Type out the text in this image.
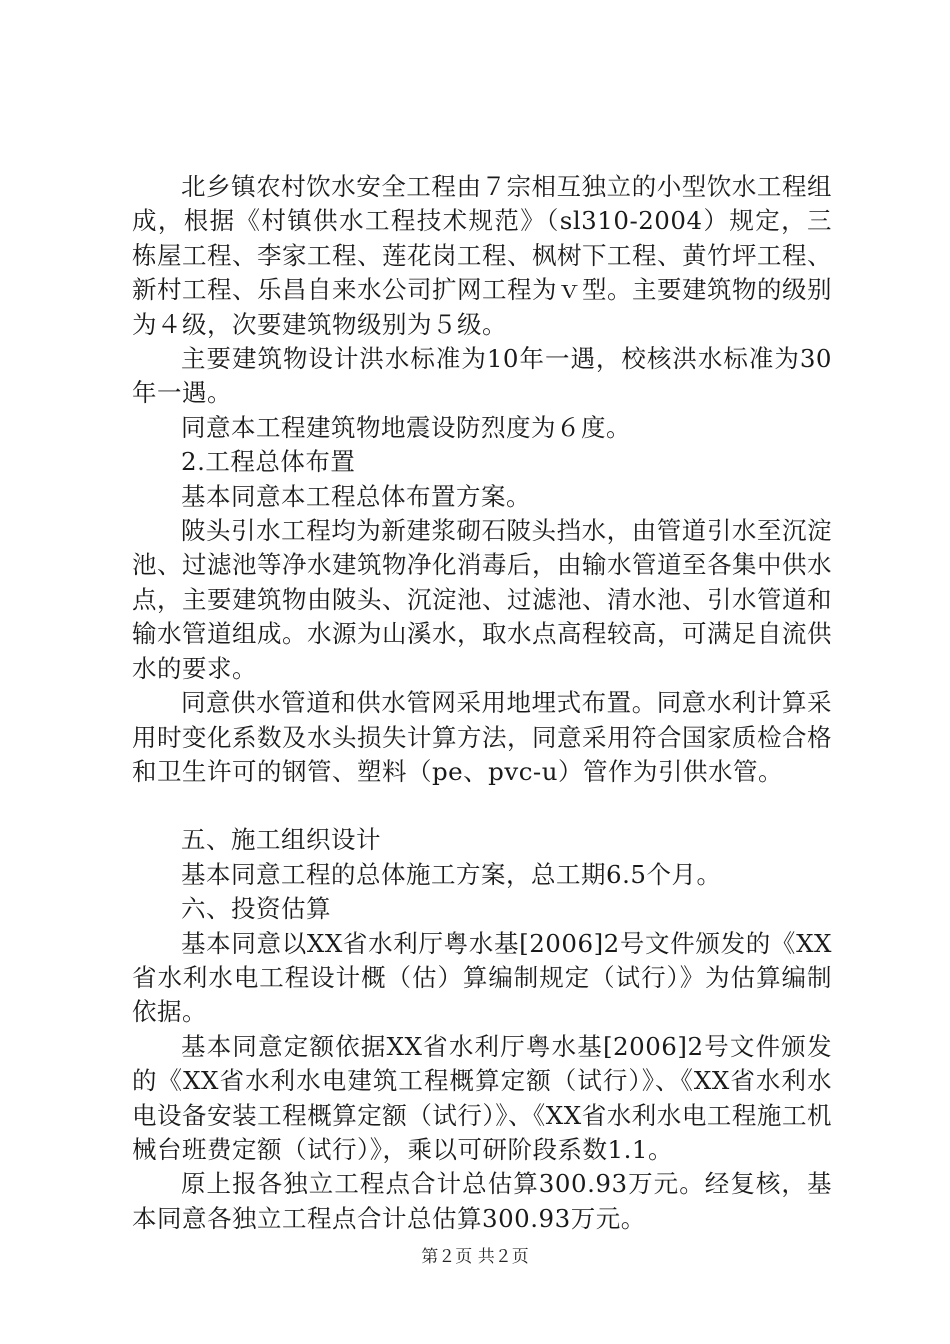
北乡镇农村饮水安全工程由７宗相互独立的小型饮水工程组成，根据《村镇供水工程技术规范》（sl310-2004）规定，三栋屋工程、李家工程、莲花岗工程、枫树下工程、黄竹坪工程、新村工程、乐昌自来水公司扩网工程为ｖ型。主要建筑物的级别为４级，次要建筑物级别为５级。

主要建筑物设计洪水标准为10年一遇，校核洪水标准为30年一遇。

同意本工程建筑物地震设防烈度为６度。

2.工程总体布置

基本同意本工程总体布置方案。

陂头引水工程均为新建浆砌石陂头挡水，由管道引水至沉淀池、过滤池等净水建筑物净化消毒后，由输水管道至各集中供水点，主要建筑物由陂头、沉淀池、过滤池、清水池、引水管道和输水管道组成。水源为山溪水，取水点高程较高，可满足自流供水的要求。

同意供水管道和供水管网采用地埋式布置。同意水利计算采用时变化系数及水头损失计算方法，同意采用符合国家质检合格和卫生许可的钢管、塑料（pe、pvc-u）管作为引供水管。

五、施工组织设计

基本同意工程的总体施工方案，总工期6.5个月。

六、投资估算

基本同意以XX省水利厅粤水基[2006]2号文件颁发的《XX省水利水电工程设计概（估）算编制规定（试行）》为估算编制依据。

基本同意定额依据XX省水利厅粤水基[2006]2号文件颁发的《XX省水利水电建筑工程概算定额（试行）》、《XX省水利水电设备安装工程概算定额（试行）》、《XX省水利水电工程施工机械台班费定额（试行）》，乘以可研阶段系数1.1。

原上报各独立工程点合计总估算300.93万元。经复核，基本同意各独立工程点合计总估算300.93万元。

第２页 共２页
